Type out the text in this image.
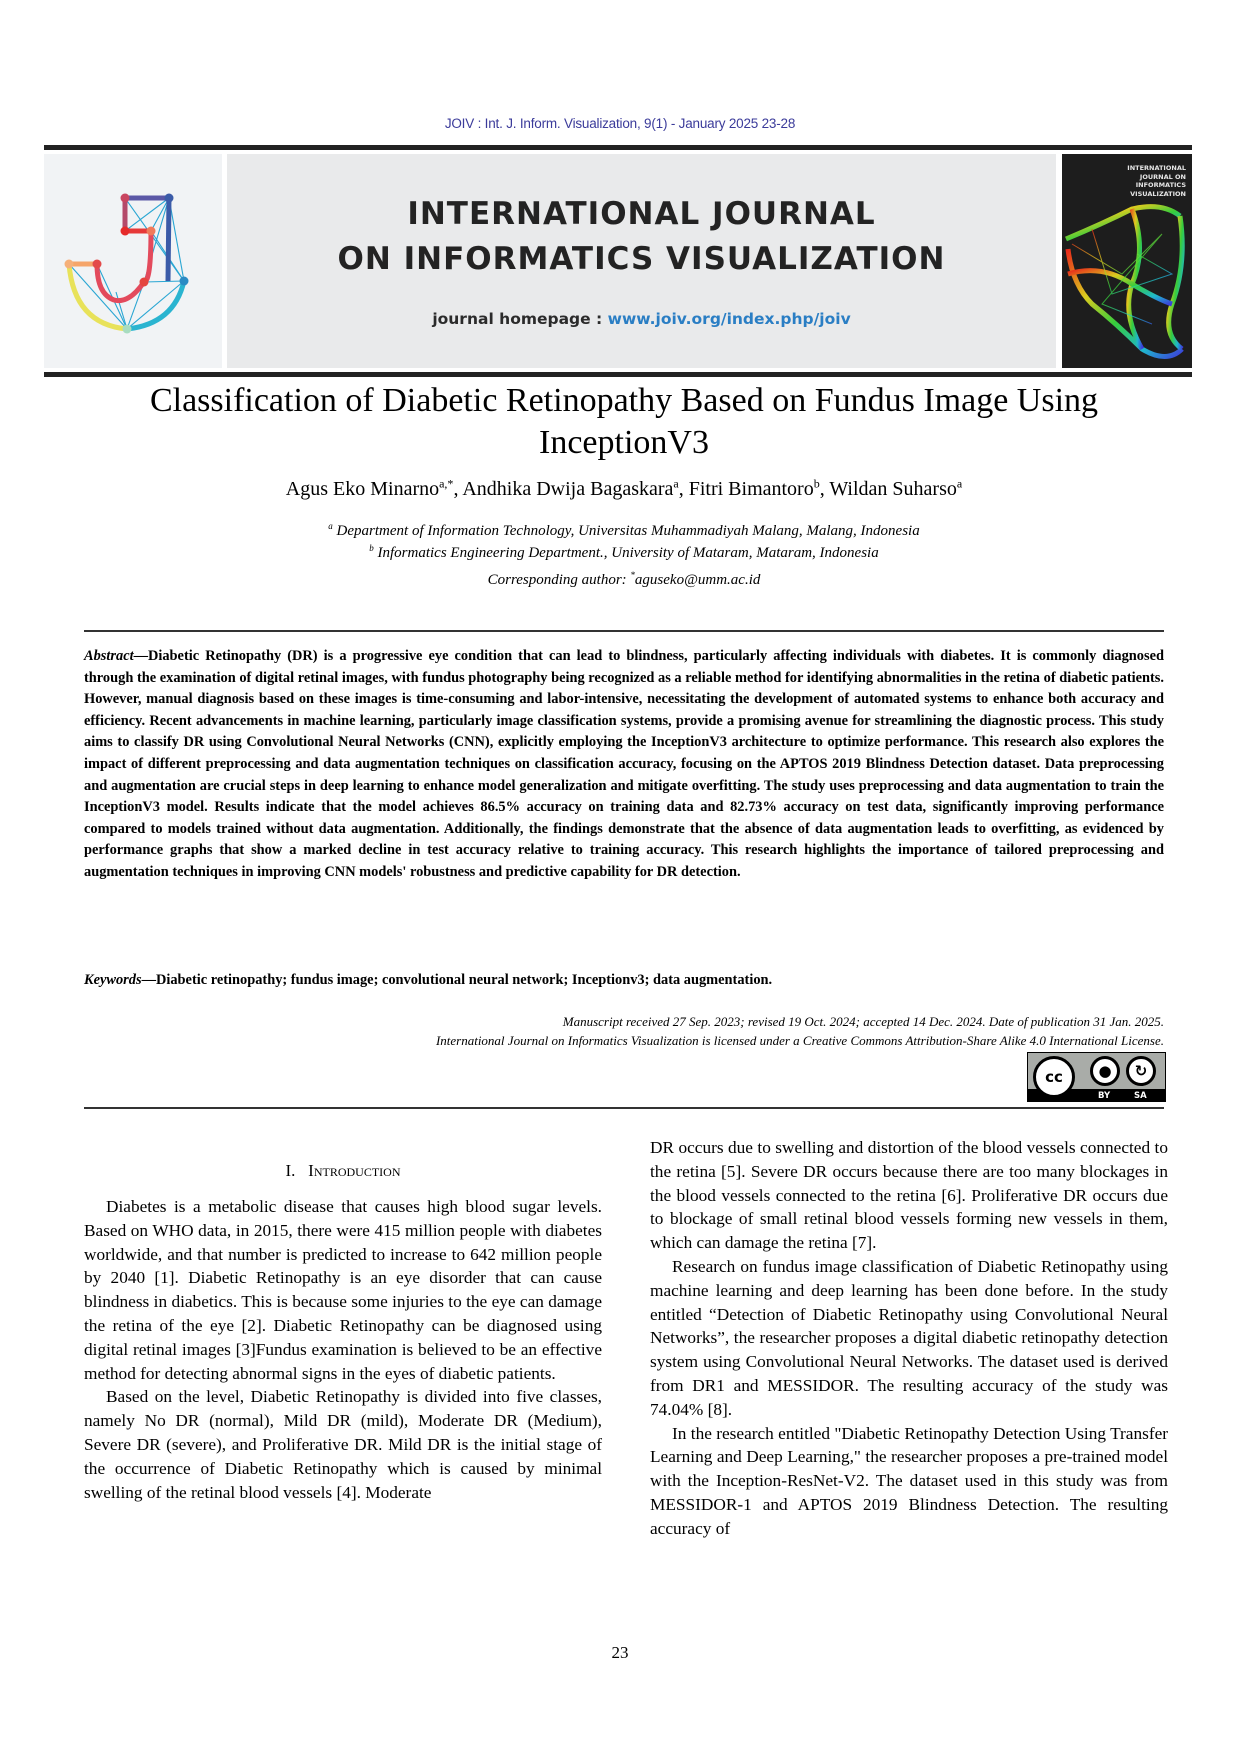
JOIV : Int. J. Inform. Visualization, 9(1) - January 2025 23-28
INTERNATIONAL JOURNAL
ON INFORMATICS VISUALIZATION
journal homepage : www.joiv.org/index.php/joiv
INTERNATIONAL
JOURNAL ON
INFORMATICS
VISUALIZATION
Classification of Diabetic Retinopathy Based on Fundus Image Using InceptionV3
Agus Eko Minarno$^{a,*}$, Andhika Dwija Bagaskara$^a$, Fitri Bimantoro$^b$, Wildan Suharso$^a$
$^a$ Department of Information Technology, Universitas Muhammadiyah Malang, Malang, Indonesia
$^b$ Informatics Engineering Department., University of Mataram, Mataram, Indonesia
Corresponding author: *aguseko@umm.ac.id
Abstract—Diabetic Retinopathy (DR) is a progressive eye condition that can lead to blindness, particularly affecting individuals with diabetes. It is commonly diagnosed through the examination of digital retinal images, with fundus photography being recognized as a reliable method for identifying abnormalities in the retina of diabetic patients. However, manual diagnosis based on these images is time-consuming and labor-intensive, necessitating the development of automated systems to enhance both accuracy and efficiency. Recent advancements in machine learning, particularly image classification systems, provide a promising avenue for streamlining the diagnostic process. This study aims to classify DR using Convolutional Neural Networks (CNN), explicitly employing the InceptionV3 architecture to optimize performance. This research also explores the impact of different preprocessing and data augmentation techniques on classification accuracy, focusing on the APTOS 2019 Blindness Detection dataset. Data preprocessing and augmentation are crucial steps in deep learning to enhance model generalization and mitigate overfitting. The study uses preprocessing and data augmentation to train the InceptionV3 model. Results indicate that the model achieves 86.5% accuracy on training data and 82.73% accuracy on test data, significantly improving performance compared to models trained without data augmentation. Additionally, the findings demonstrate that the absence of data augmentation leads to overfitting, as evidenced by performance graphs that show a marked decline in test accuracy relative to training accuracy. This research highlights the importance of tailored preprocessing and augmentation techniques in improving CNN models' robustness and predictive capability for DR detection.
Keywords—Diabetic retinopathy; fundus image; convolutional neural network; Inceptionv3; data augmentation.
Manuscript received 27 Sep. 2023; revised 19 Oct. 2024; accepted 14 Dec. 2024. Date of publication 31 Jan. 2025.
International Journal on Informatics Visualization is licensed under a Creative Commons Attribution-Share Alike 4.0 International License.
cc	●	↻
BY	SA
I. Introduction

Diabetes is a metabolic disease that causes high blood sugar levels. Based on WHO data, in 2015, there were 415 million people with diabetes worldwide, and that number is predicted to increase to 642 million people by 2040 [1]. Diabetic Retinopathy is an eye disorder that can cause blindness in diabetics. This is because some injuries to the eye can damage the retina of the eye [2]. Diabetic Retinopathy can be diagnosed using digital retinal images [3]Fundus examination is believed to be an effective method for detecting abnormal signs in the eyes of diabetic patients.

Based on the level, Diabetic Retinopathy is divided into five classes, namely No DR (normal), Mild DR (mild), Moderate DR (Medium), Severe DR (severe), and Proliferative DR. Mild DR is the initial stage of the occurrence of Diabetic Retinopathy which is caused by minimal swelling of the retinal blood vessels [4]. Moderate

DR occurs due to swelling and distortion of the blood vessels connected to the retina [5]. Severe DR occurs because there are too many blockages in the blood vessels connected to the retina [6]. Proliferative DR occurs due to blockage of small retinal blood vessels forming new vessels in them, which can damage the retina [7].

Research on fundus image classification of Diabetic Retinopathy using machine learning and deep learning has been done before. In the study entitled “Detection of Diabetic Retinopathy using Convolutional Neural Networks”, the researcher proposes a digital diabetic retinopathy detection system using Convolutional Neural Networks. The dataset used is derived from DR1 and MESSIDOR. The resulting accuracy of the study was 74.04% [8].

In the research entitled "Diabetic Retinopathy Detection Using Transfer Learning and Deep Learning," the researcher proposes a pre-trained model with the Inception-ResNet-V2. The dataset used in this study was from MESSIDOR-1 and APTOS 2019 Blindness Detection. The resulting accuracy of

23
